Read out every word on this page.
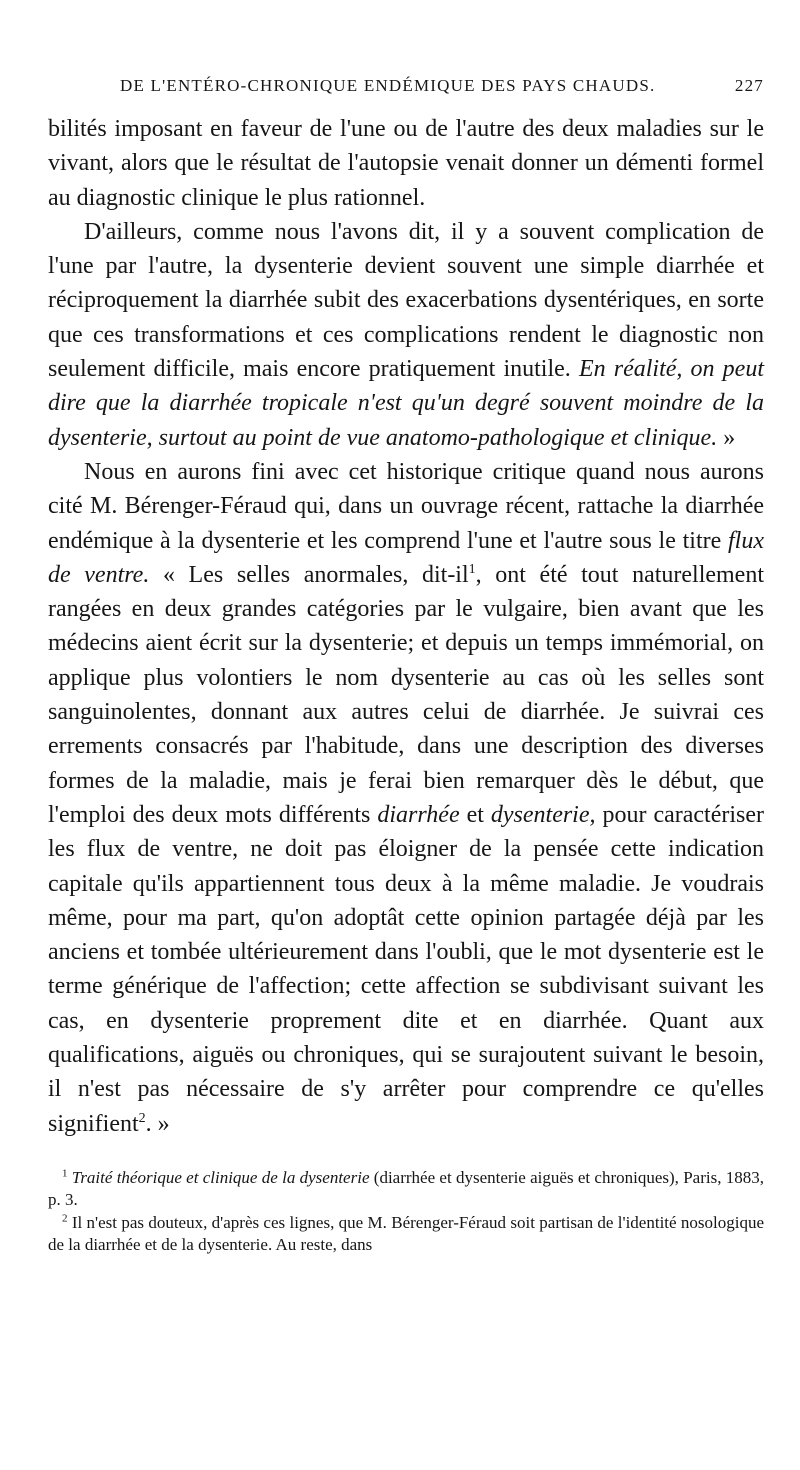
DE L'ENTÉRO-CHRONIQUE ENDÉMIQUE DES PAYS CHAUDS.	227

bilités imposant en faveur de l'une ou de l'autre des deux maladies sur le vivant, alors que le résultat de l'autopsie venait donner un démenti formel au diagnostic clinique le plus rationnel.

D'ailleurs, comme nous l'avons dit, il y a souvent complication de l'une par l'autre, la dysenterie devient souvent une simple diarrhée et réciproquement la diarrhée subit des exacerbations dysentériques, en sorte que ces transformations et ces complications rendent le diagnostic non seulement difficile, mais encore pratiquement inutile. En réalité, on peut dire que la diarrhée tropicale n'est qu'un degré souvent moindre de la dysenterie, surtout au point de vue anatomo-pathologique et clinique. »

Nous en aurons fini avec cet historique critique quand nous aurons cité M. Bérenger-Féraud qui, dans un ouvrage récent, rattache la diarrhée endémique à la dysenterie et les comprend l'une et l'autre sous le titre flux de ventre. « Les selles anormales, dit-$il^1$, ont été tout naturellement rangées en deux grandes catégories par le vulgaire, bien avant que les médecins aient écrit sur la dysenterie; et depuis un temps immémorial, on applique plus volontiers le nom dysenterie au cas où les selles sont sanguinolentes, donnant aux autres celui de diarrhée. Je suivrai ces errements consacrés par l'habitude, dans une description des diverses formes de la maladie, mais je ferai bien remarquer dès le début, que l'emploi des deux mots différents diarrhée et dysenterie, pour caractériser les flux de ventre, ne doit pas éloigner de la pensée cette indication capitale qu'ils appartiennent tous deux à la même maladie. Je voudrais même, pour ma part, qu'on adoptât cette opinion partagée déjà par les anciens et tombée ultérieurement dans l'oubli, que le mot dysenterie est le terme générique de l'affection; cette affection se subdivisant suivant les cas, en dysenterie proprement dite et en diarrhée. Quant aux qualifications, aiguës ou chroniques, qui se surajoutent suivant le besoin, il n'est pas nécessaire de s'y arrêter pour comprendre ce qu'elles signifient$^2$. »

$^1$ Traité théorique et clinique de la dysenterie (diarrhée et dysenterie aiguës et chroniques), Paris, 1883, p. 3.

$^2$ Il n'est pas douteux, d'après ces lignes, que M. Bérenger-Féraud soit partisan de l'identité nosologique de la diarrhée et de la dysenterie. Au reste, dans
